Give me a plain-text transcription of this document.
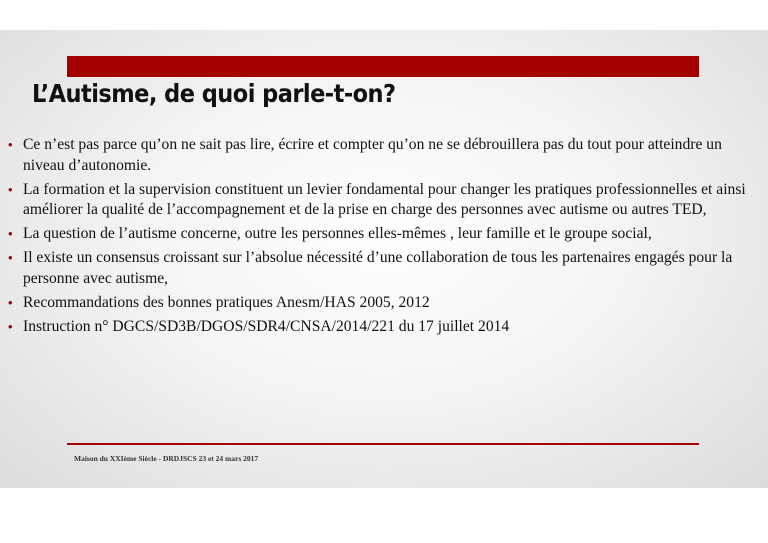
L’Autisme, de quoi parle-t-on?
• Ce n’est pas parce qu’on ne sait pas lire, écrire et compter qu’on ne se débrouillera pas du tout pour atteindre un niveau d’autonomie.
• La formation et la supervision constituent un levier fondamental pour changer les pratiques professionnelles et ainsi améliorer la qualité de l’accompagnement et de la prise en charge des personnes avec autisme ou autres TED,
• La question de l’autisme concerne, outre les personnes elles-mêmes , leur famille et le groupe social,
• Il existe un consensus croissant sur l’absolue nécessité d’une collaboration de tous les partenaires engagés pour la personne avec autisme,
• Recommandations des bonnes pratiques Anesm/HAS 2005, 2012
• Instruction n° DGCS/SD3B/DGOS/SDR4/CNSA/2014/221 du 17 juillet 2014

Maison du XXIème Siècle - DRDJSCS 23 et 24 mars 2017
